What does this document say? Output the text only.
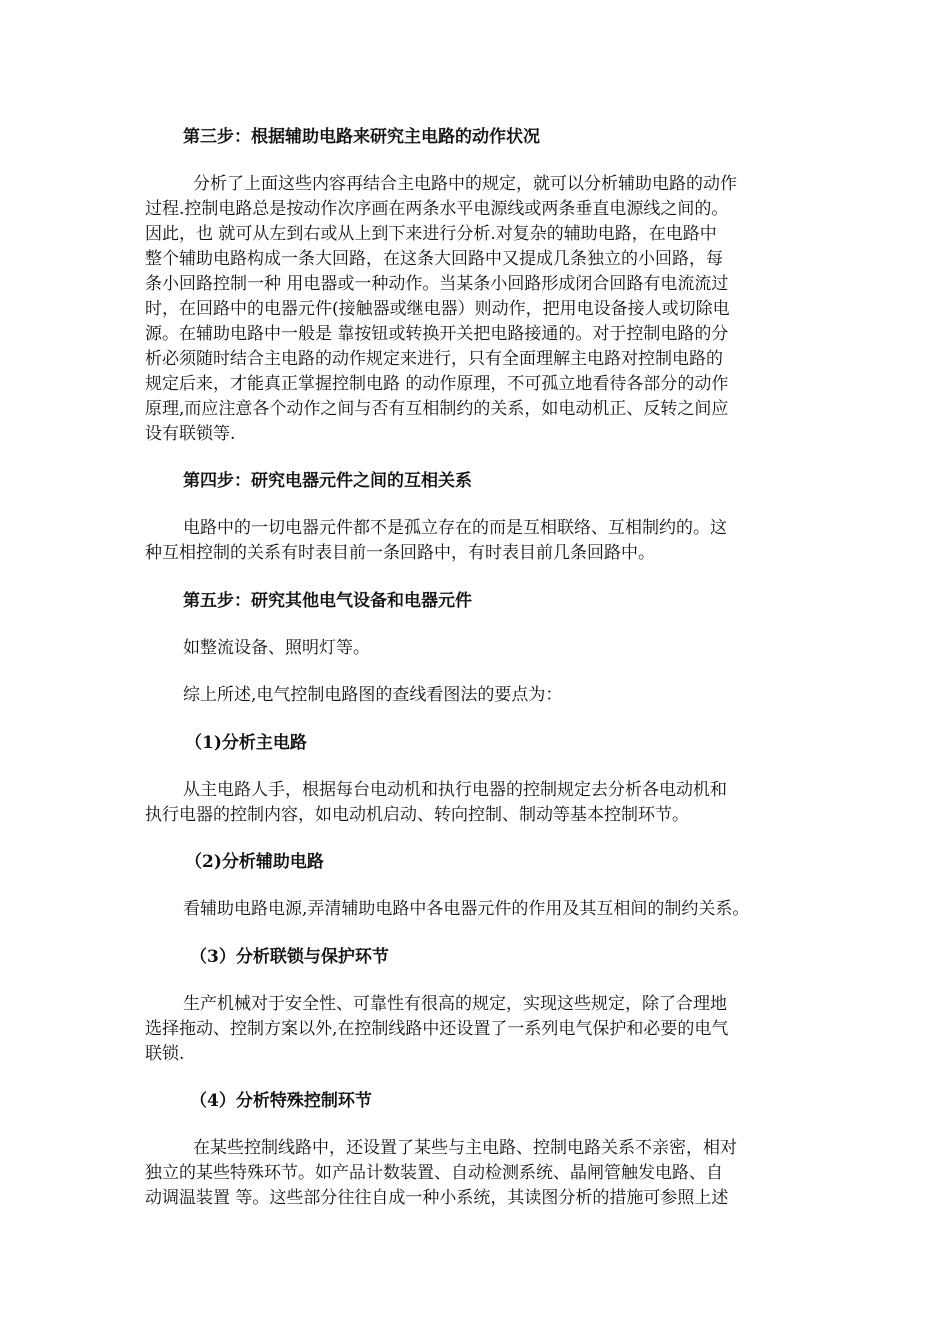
第三步：根据辅助电路来研究主电路的动作状况
分析了上面这些内容再结合主电路中的规定，就可以分析辅助电路的动作
过程.控制电路总是按动作次序画在两条水平电源线或两条垂直电源线之间的。
因此，也 就可从左到右或从上到下来进行分析.对复杂的辅助电路，在电路中
整个辅助电路构成一条大回路，在这条大回路中又提成几条独立的小回路，每
条小回路控制一种 用电器或一种动作。当某条小回路形成闭合回路有电流流过
时，在回路中的电器元件(接触器或继电器）则动作，把用电设备接人或切除电
源。在辅助电路中一般是 靠按钮或转换开关把电路接通的。对于控制电路的分
析必须随时结合主电路的动作规定来进行，只有全面理解主电路对控制电路的
规定后来，才能真正掌握控制电路 的动作原理，不可孤立地看待各部分的动作
原理,而应注意各个动作之间与否有互相制约的关系，如电动机正、反转之间应
设有联锁等.
第四步：研究电器元件之间的互相关系
电路中的一切电器元件都不是孤立存在的而是互相联络、互相制约的。这
种互相控制的关系有时表目前一条回路中，有时表目前几条回路中。
第五步：研究其他电气设备和电器元件
如整流设备、照明灯等。
综上所述,电气控制电路图的查线看图法的要点为：
（1)分析主电路
从主电路人手，根据每台电动机和执行电器的控制规定去分析各电动机和
执行电器的控制内容，如电动机启动、转向控制、制动等基本控制环节。
（2)分析辅助电路
看辅助电路电源,弄清辅助电路中各电器元件的作用及其互相间的制约关系。
（3）分析联锁与保护环节
生产机械对于安全性、可靠性有很高的规定，实现这些规定，除了合理地
选择拖动、控制方案以外,在控制线路中还设置了一系列电气保护和必要的电气
联锁.
（4）分析特殊控制环节
在某些控制线路中，还设置了某些与主电路、控制电路关系不亲密，相对
独立的某些特殊环节。如产品计数装置、自动检测系统、晶闸管触发电路、自
动调温装置 等。这些部分往往自成一种小系统，其读图分析的措施可参照上述
